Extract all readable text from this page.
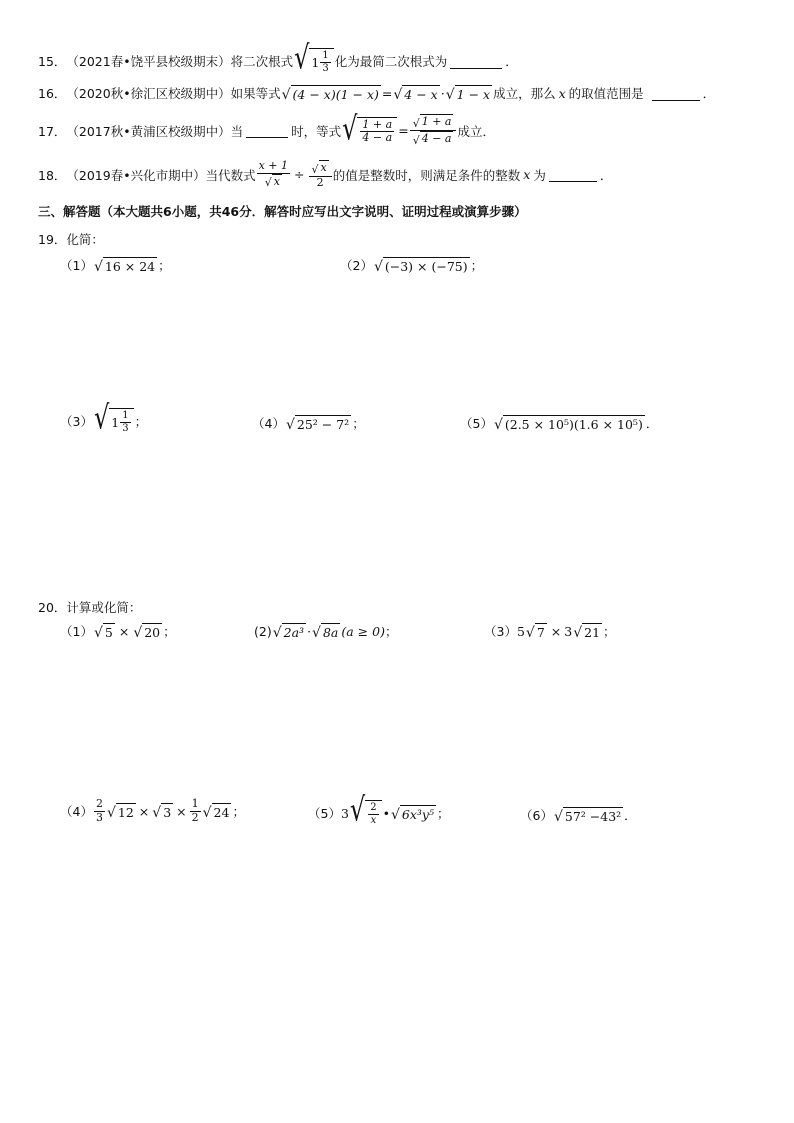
15． （2021春•饶平县校级期末） 将二次根式 √ $1 \frac{1}{3}$ 化为最简二次根式为	．
16． （2020秋•徐汇区校级期中） 如果等式 √ (4 − x)(1 − x) = √ 4 − x · √ 1 − x 成立，那么 x 的取值范围是	．
17． （2017秋•黄浦区校级期中） 当	时，等式 √ $\frac{1 + a}{4 - a} = \frac{√ 1 + a}{√ 4 - a}$ 成立．
18． （2019春•兴化市期中） 当代数式 $\frac{x + 1}{√ x} \div \frac{√ x}{2}$ 的值是整数时，则满足条件的整数 x 为	．
三、解答题（本大题共6小题，共46分．解答时应写出文字说明、证明过程或演算步骤）
19．化简：
（1） √ 16 × 24 ；	（2） √ (−3) × (−75) ；
（3） √ $1 \frac{1}{3}$ ；	（4） √ 25² − 7² ；	（5） √ (2.5 × 10⁵)(1.6 × 10⁵) ．
20．计算或化简：
（1） √ 5 × √ 20 ；	(2) √ 2a³ · √ 8a (a ≥ 0) ；	（3） 5 √ 7 × 3 √ 21 ；
$(4) \frac{2}{3}$ √ 12 × √ $3 \times \frac{1}{2}$ √ 24 ；	（5） 3 √ $\frac{2}{x}$ • √ 6x³y⁵ ；	（6） √ 57² −43² ．
